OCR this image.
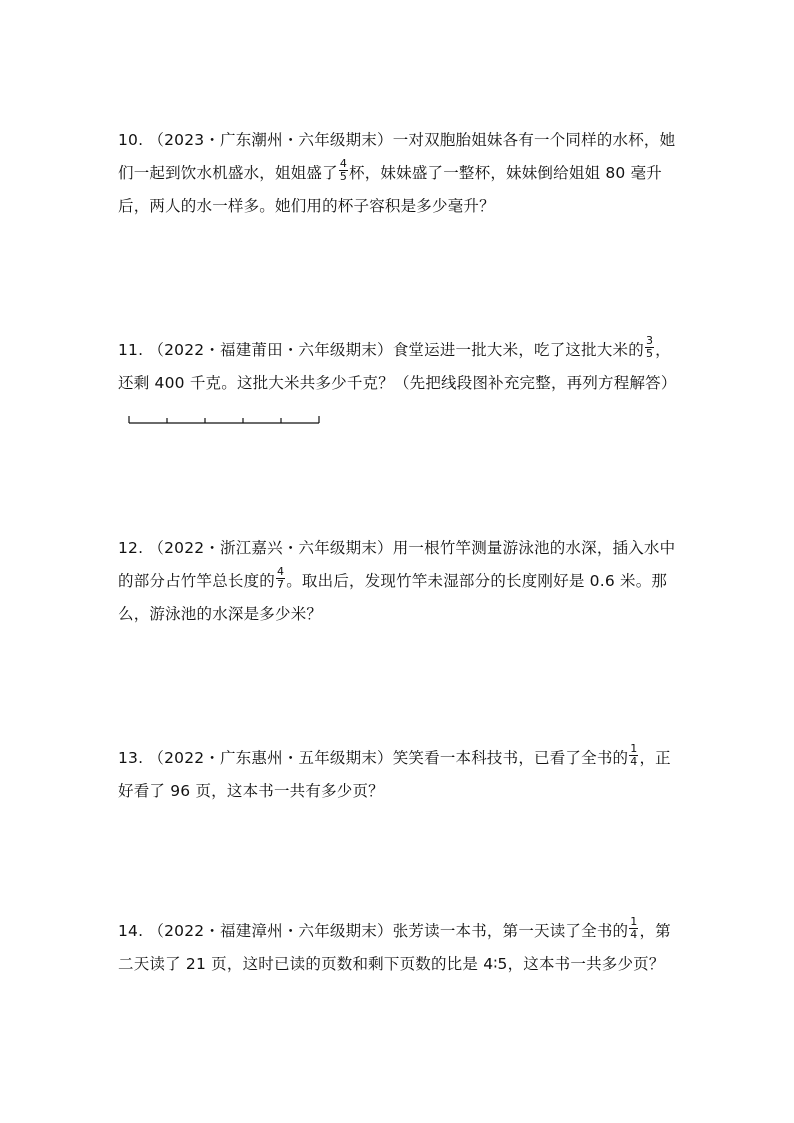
10. （2023・广东潮州・六年级期末）一对双胞胎姐妹各有一个同样的水杯，她
们一起到饮水机盛水，姐姐盛了 $\frac{4}{5}$ 杯，妹妹盛了一整杯，妹妹倒给姐姐 80 毫升
后，两人的水一样多。她们用的杯子容积是多少毫升？
11. （2022・福建莆田・六年级期末）食堂运进一批大米，吃了这批大米的 $\frac{3}{5}$ ，
还剩 400 千克。这批大米共多少千克？（先把线段图补充完整，再列方程解答）
12. （2022・浙江嘉兴・六年级期末）用一根竹竿测量游泳池的水深，插入水中
的部分占竹竿总长度的 $\frac{4}{7}$ 。取出后，发现竹竿未湿部分的长度刚好是 0.6 米。那
么，游泳池的水深是多少米？
13. （2022・广东惠州・五年级期末）笑笑看一本科技书，已看了全书的 $\frac{1}{4}$ ，正
好看了 96 页，这本书一共有多少页？
14. （2022・福建漳州・六年级期末）张芳读一本书，第一天读了全书的 $\frac{1}{4}$ ，第
二天读了 21 页，这时已读的页数和剩下页数的比是 4∶5，这本书一共多少页？
